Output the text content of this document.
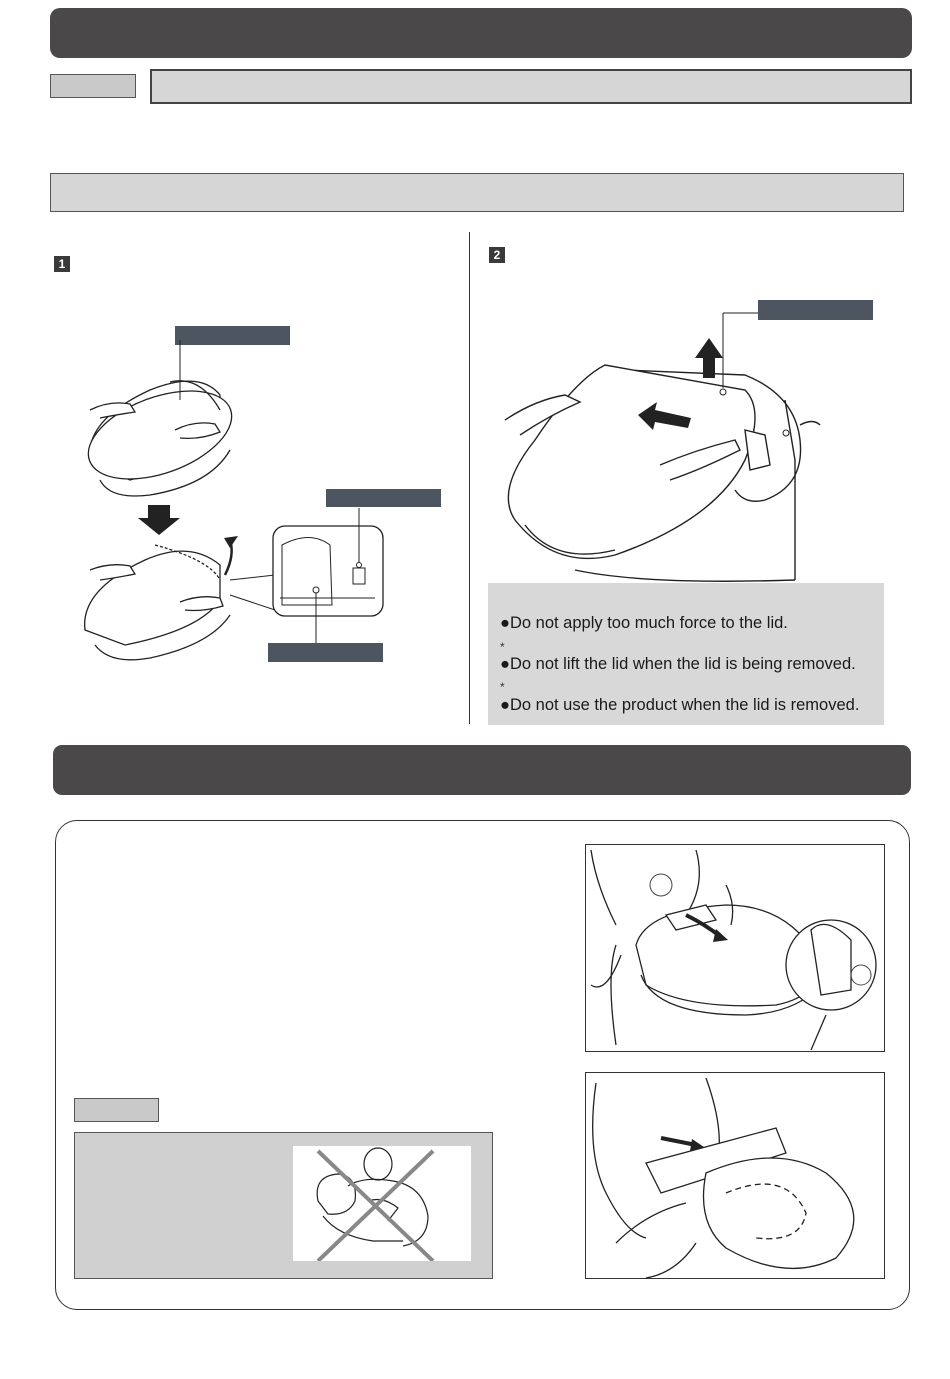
1
2
●Do not apply too much force to the lid.
*
●Do not lift the lid when the lid is being removed.
*
●Do not use the product when the lid is removed.
